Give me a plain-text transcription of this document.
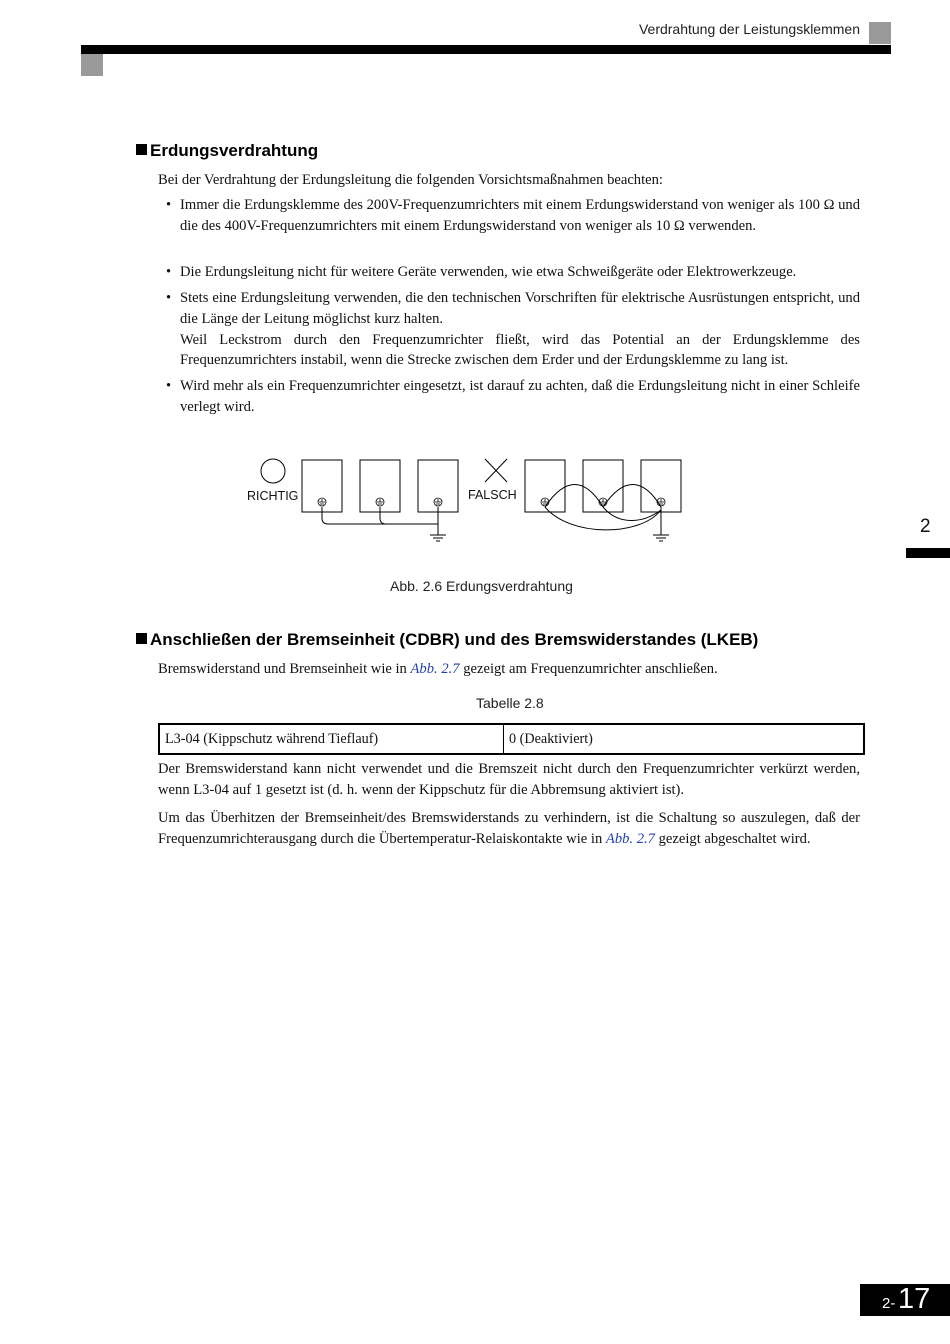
Verdrahtung der Leistungsklemmen
2
Erdungsverdrahtung
Bei der Verdrahtung der Erdungsleitung die folgenden Vorsichtsmaßnahmen beachten:
• Immer die Erdungsklemme des 200V-Frequenzumrichters mit einem Erdungswiderstand von weniger als 100 Ω und die des 400V-Frequenzumrichters mit einem Erdungswiderstand von weniger als 10 Ω verwenden.
• Die Erdungsleitung nicht für weitere Geräte verwenden, wie etwa Schweißgeräte oder Elektrowerkzeuge.
• Stets eine Erdungsleitung verwenden, die den technischen Vorschriften für elektrische Ausrüstungen entspricht, und die Länge der Leitung möglichst kurz halten.
Weil Leckstrom durch den Frequenzumrichter fließt, wird das Potential an der Erdungsklemme des Frequenzumrichters instabil, wenn die Strecke zwischen dem Erder und der Erdungsklemme zu lang ist.
• Wird mehr als ein Frequenzumrichter eingesetzt, ist darauf zu achten, daß die Erdungsleitung nicht in einer Schleife verlegt wird.
RICHTIG	FALSCH
Abb. 2.6 Erdungsverdrahtung
Anschließen der Bremseinheit (CDBR) und des Bremswiderstandes (LKEB)
Bremswiderstand und Bremseinheit wie in Abb. 2.7 gezeigt am Frequenzumrichter anschließen.
Tabelle 2.8
L3-04 (Kippschutz während Tieflauf)	0 (Deaktiviert)
Der Bremswiderstand kann nicht verwendet und die Bremszeit nicht durch den Frequenzumrichter verkürzt werden, wenn L3-04 auf 1 gesetzt ist (d. h. wenn der Kippschutz für die Abbremsung aktiviert ist).
Um das Überhitzen der Bremseinheit/des Bremswiderstands zu verhindern, ist die Schaltung so auszulegen, daß der Frequenzumrichterausgang durch die Übertemperatur-Relaiskontakte wie in Abb. 2.7 gezeigt abgeschaltet wird.
2- 17
